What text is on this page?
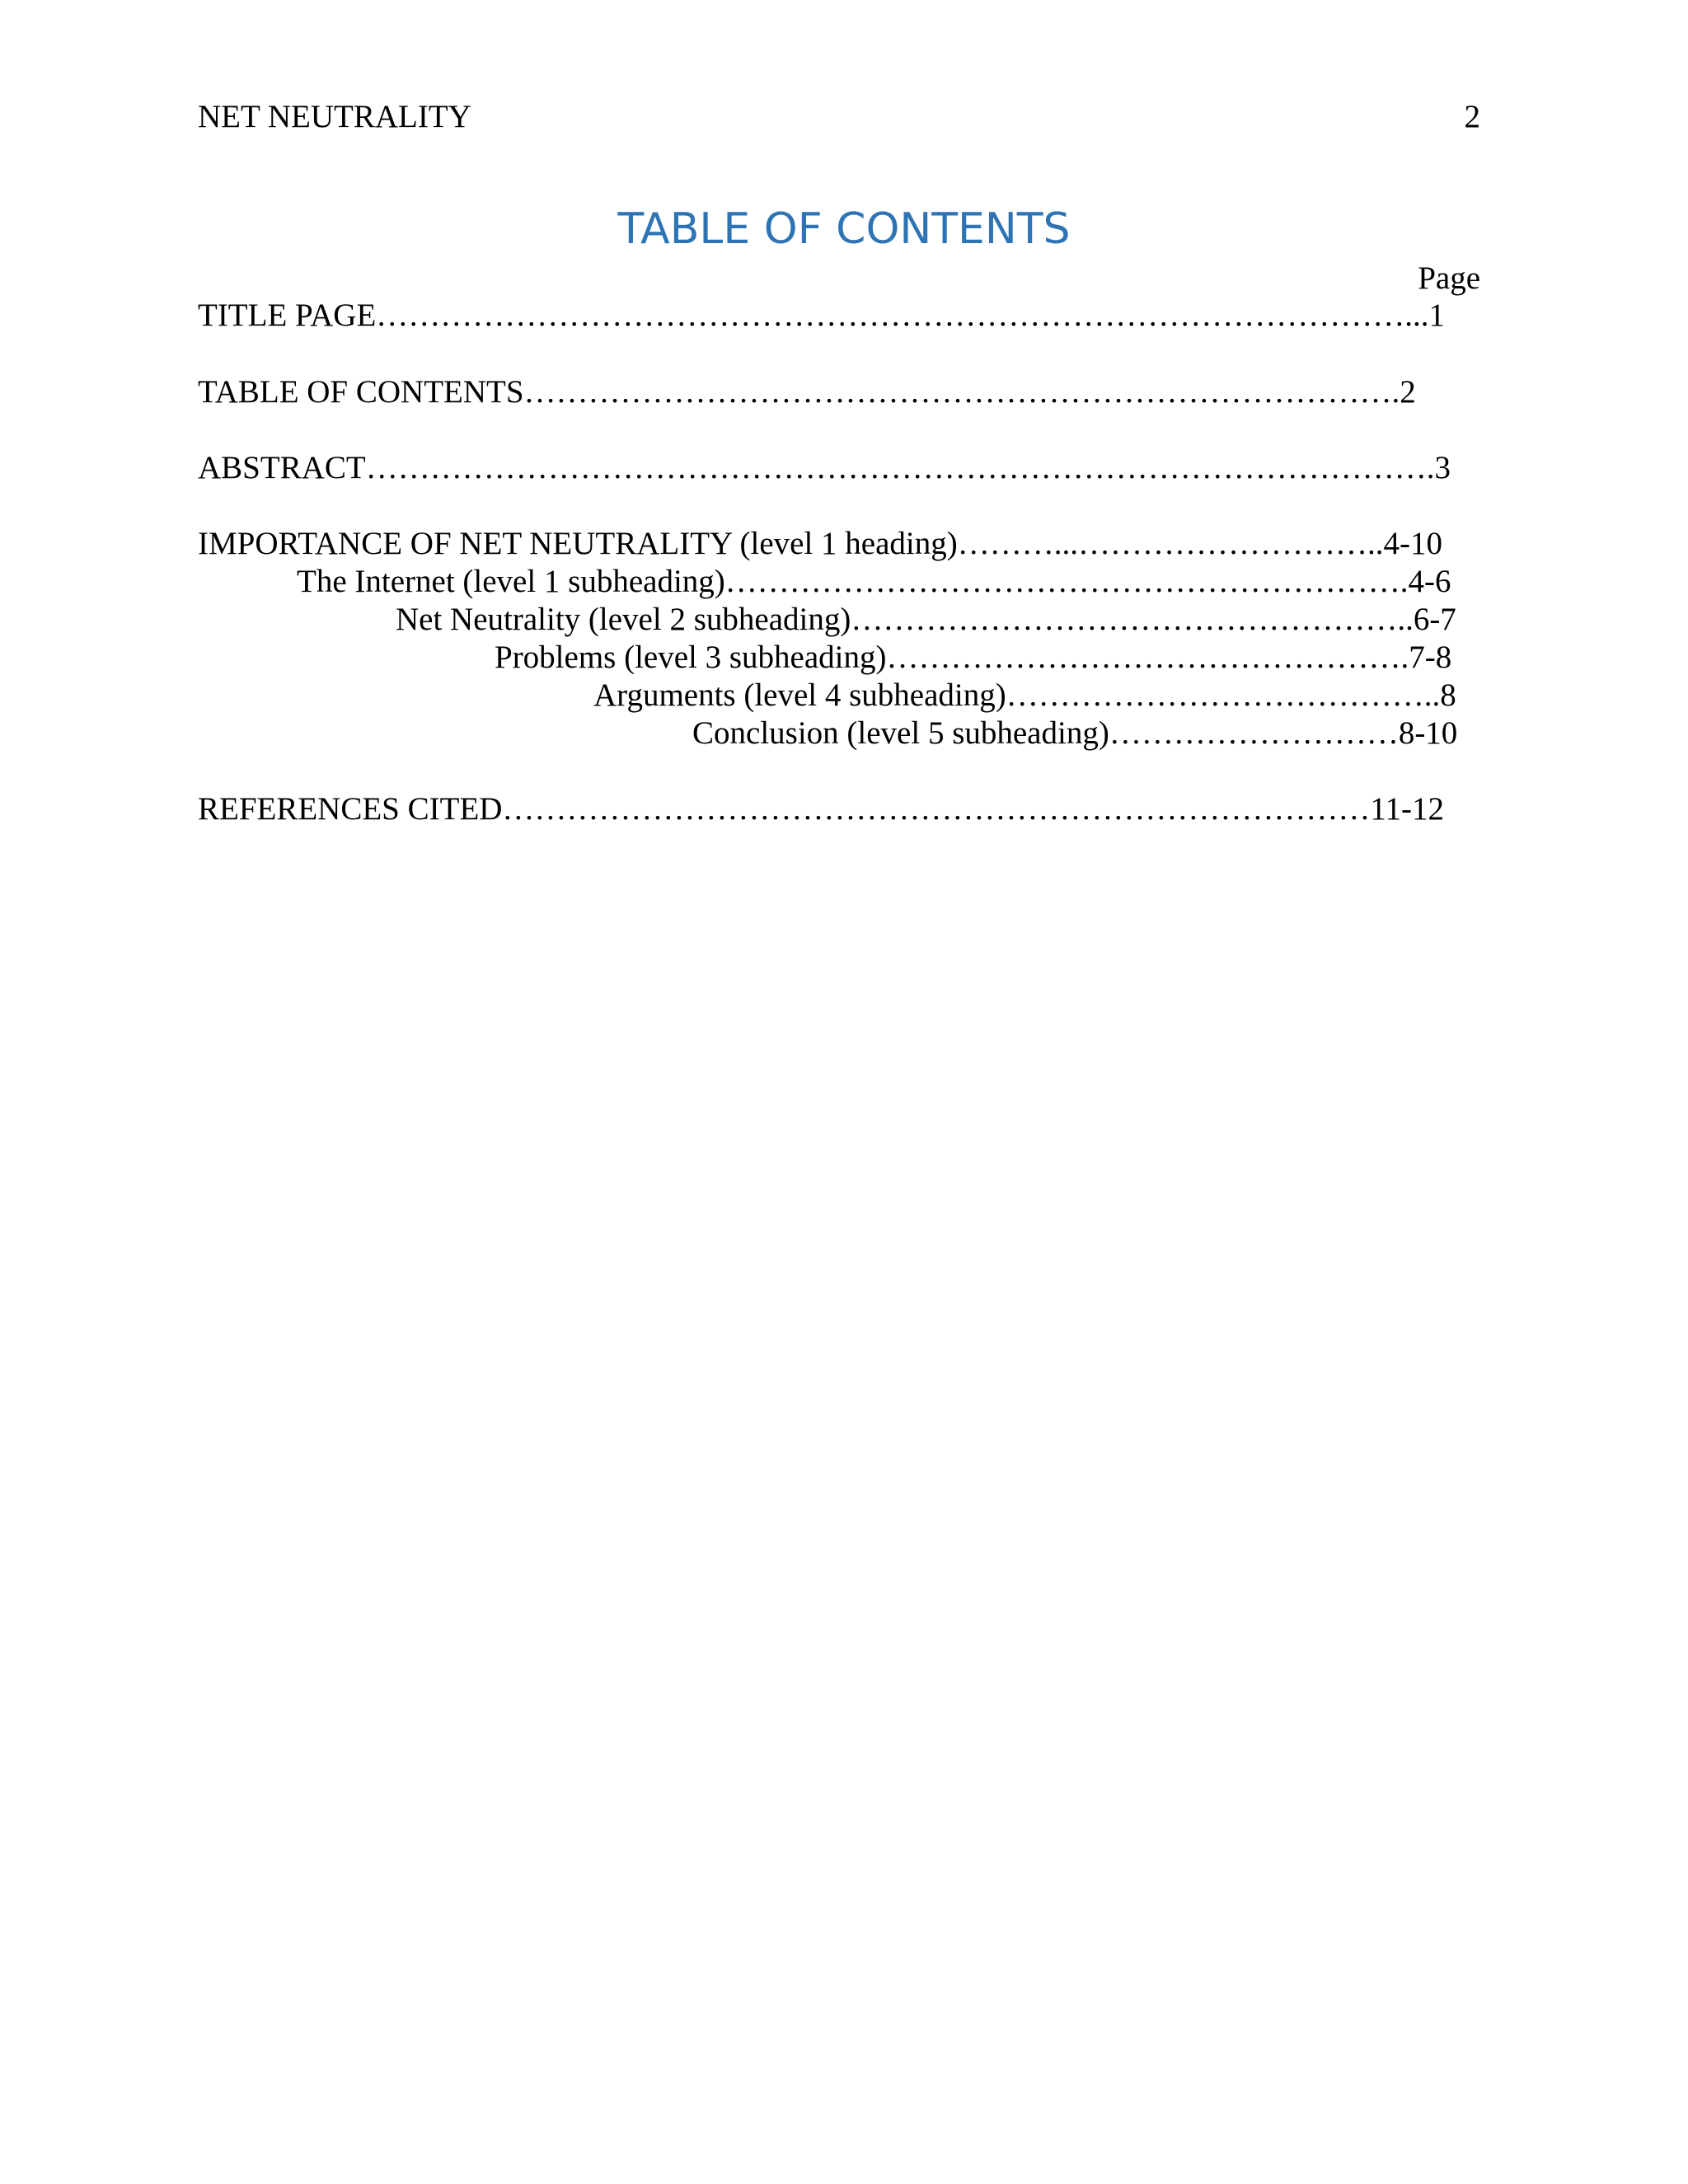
NET NEUTRALITY	2
TABLE OF CONTENTS
Page
TITLE PAGE……………………………………………………………………………………...1
TABLE OF CONTENTS……………………………………………………………………….2
ABSTRACT……………………………………………………………………………………….3
IMPORTANCE OF NET NEUTRALITY (level 1 heading)………...………………………..4-10
The Internet (level 1 subheading)……………………………………………………….4-6
Net Neutrality (level 2 subheading)……………………………………………..6-7
Problems (level 3 subheading)………………………………………….7-8
Arguments (level 4 subheading)…………………………………..8
Conclusion (level 5 subheading)………………………8-10
REFERENCES CITED………………………………………………………………………11-12
